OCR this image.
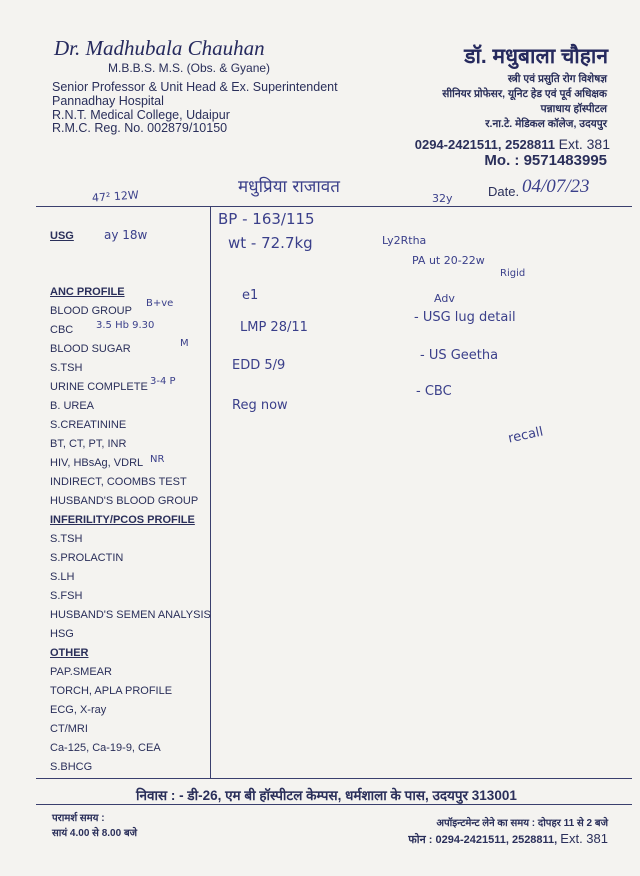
Dr. Madhubala Chauhan
M.B.B.S. M.S. (Obs. & Gyane)
Senior Professor & Unit Head & Ex. Superintendent
Pannadhay Hospital
R.N.T. Medical College, Udaipur
R.M.C. Reg. No. 002879/10150
डॉ. मधुबाला चौहान
स्त्री एवं प्रसुति रोग विशेषज्ञ
सीनियर प्रोफेसर, यूनिट हेड एवं पूर्व अधिक्षक
पन्नाधाय हॉस्पीटल
र.ना.टे. मेडिकल कॉलेज, उदयपुर
0294-2421511, 2528811 Ext. 381
Mo. : 9571483995
47² 12W	मधुप्रिया राजावत
32y	Date. 04/07/23
USG
ANC PROFILE
BLOOD GROUP
CBC
BLOOD SUGAR
S.TSH
URINE COMPLETE
B. UREA
S.CREATININE
BT, CT, PT, INR
HIV, HBsAg, VDRL
INDIRECT, COOMBS TEST
HUSBAND'S BLOOD GROUP
INFERILITY/PCOS PROFILE
S.TSH
S.PROLACTIN
S.LH
S.FSH
HUSBAND'S SEMEN ANALYSIS
HSG
OTHER
PAP.SMEAR
TORCH, APLA PROFILE
ECG, X-ray
CT/MRI
Ca-125, Ca-19-9, CEA
S.BHCG
ay 18w
B+ve
3.5 Hb 9.30
M
3-4 P
NR
BP - 163/115
wt - 72.7kg	Ly2Rtha
PA ut 20-22w
Rigid
e1
LMP 28/11
EDD 5/9
Reg now
Adv
- USG lug detail
- US Geetha
- CBC
recall
निवास : - डी-26, एम बी हॉस्पीटल केम्पस, धर्मशाला के पास, उदयपुर 313001
परामर्श समय :
सायं 4.00 से 8.00 बजे
अपॉइन्टमेन्ट लेने का समय : दोपहर 11 से 2 बजे
फोन : 0294-2421511, 2528811, Ext. 381
